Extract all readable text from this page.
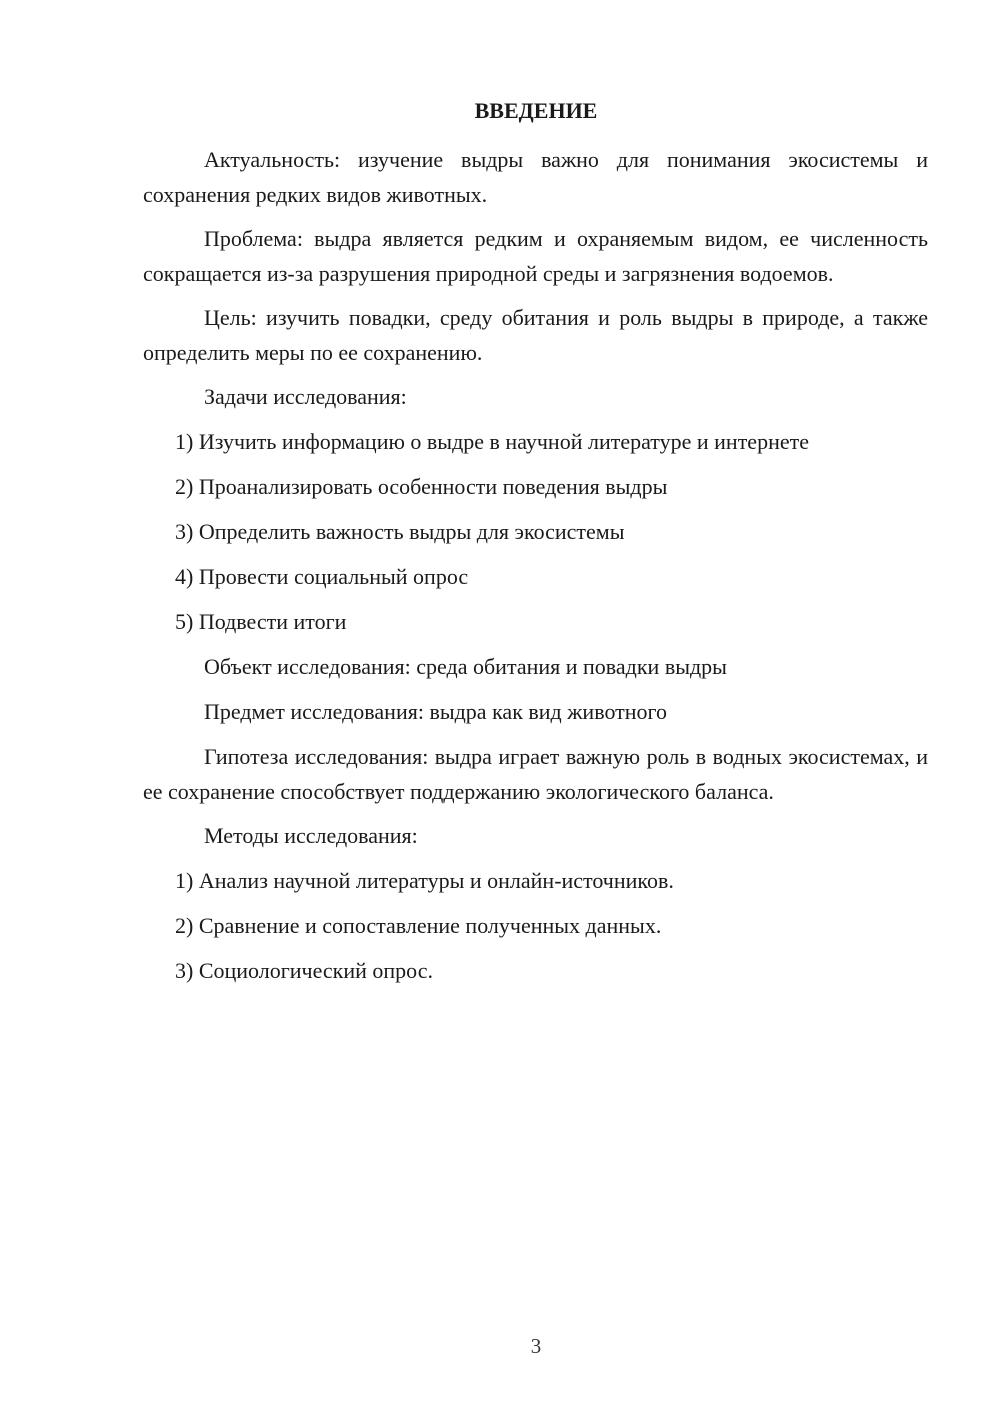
ВВЕДЕНИЕ

Актуальность: изучение выдры важно для понимания экосистемы и сохранения редких видов животных.

Проблема: выдра является редким и охраняемым видом, ее численность сокращается из-за разрушения природной среды и загрязнения водоемов.

Цель: изучить повадки, среду обитания и роль выдры в природе, а также определить меры по ее сохранению.

Задачи исследования:

1) Изучить информацию о выдре в научной литературе и интернете

2) Проанализировать особенности поведения выдры

3) Определить важность выдры для экосистемы

4) Провести социальный опрос

5) Подвести итоги

Объект исследования: среда обитания и повадки выдры

Предмет исследования: выдра как вид животного

Гипотеза исследования: выдра играет важную роль в водных экосистемах, и ее сохранение способствует поддержанию экологического баланса.

Методы исследования:

1) Анализ научной литературы и онлайн-источников.

2) Сравнение и сопоставление полученных данных.

3) Социологический опрос.

3
